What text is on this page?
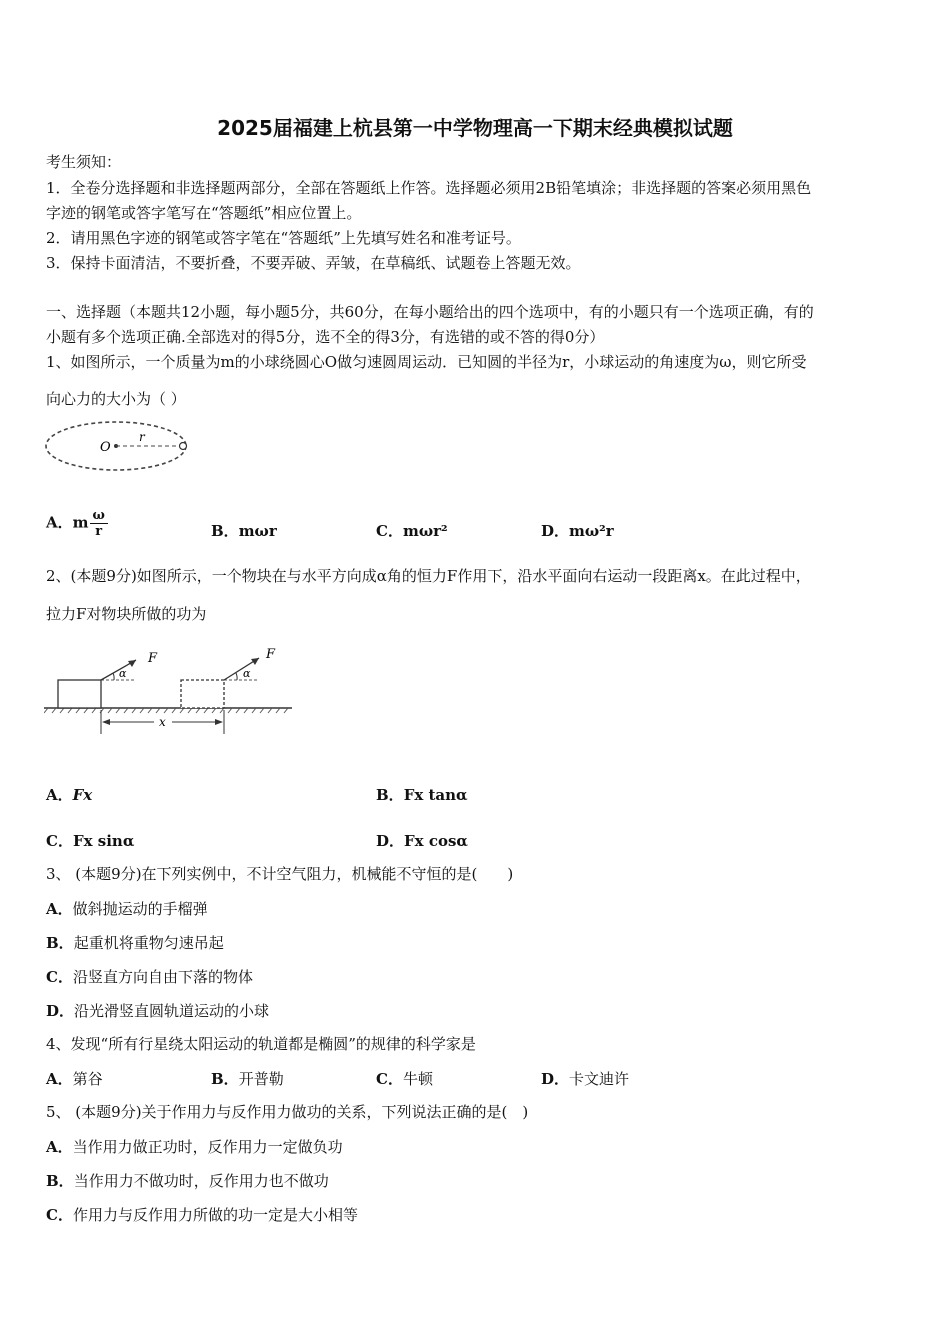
2025届福建上杭县第一中学物理高一下期末经典模拟试题
考生须知：
1．全卷分选择题和非选择题两部分，全部在答题纸上作答。选择题必须用2B铅笔填涂；非选择题的答案必须用黑色
字迹的钢笔或答字笔写在“答题纸”相应位置上。
2．请用黑色字迹的钢笔或答字笔在“答题纸”上先填写姓名和准考证号。
3．保持卡面清洁，不要折叠，不要弄破、弄皱，在草稿纸、试题卷上答题无效。
一、选择题（本题共12小题，每小题5分，共60分，在每小题给出的四个选项中，有的小题只有一个选项正确，有的
小题有多个选项正确.全部选对的得5分，选不全的得3分，有选错的或不答的得0分）
1、如图所示，一个质量为m的小球绕圆心O做匀速圆周运动．已知圆的半径为r，小球运动的角速度为ω，则它所受
向心力的大小为（ ）
O
r
A．m $\frac{\omega}{r}$	B．mωr	C．mωr²	D．mω²r
2、(本题9分)如图所示，一个物块在与水平方向成α角的恒力F作用下，沿水平面向右运动一段距离x。在此过程中，
拉力F对物块所做的功为
α
F
α
F
x
A．Fx	B．Fx tanα
C．Fx sinα	D．Fx cosα
3、 (本题9分)在下列实例中，不计空气阻力，机械能不守恒的是(　　)
A．做斜抛运动的手榴弹
B．起重机将重物匀速吊起
C．沿竖直方向自由下落的物体
D．沿光滑竖直圆轨道运动的小球
4、发现“所有行星绕太阳运动的轨道都是椭圆”的规律的科学家是
A．第谷	B．开普勒	C．牛顿	D．卡文迪许
5、 (本题9分)关于作用力与反作用力做功的关系，下列说法正确的是(　)
A．当作用力做正功时，反作用力一定做负功
B．当作用力不做功时，反作用力也不做功
C．作用力与反作用力所做的功一定是大小相等
